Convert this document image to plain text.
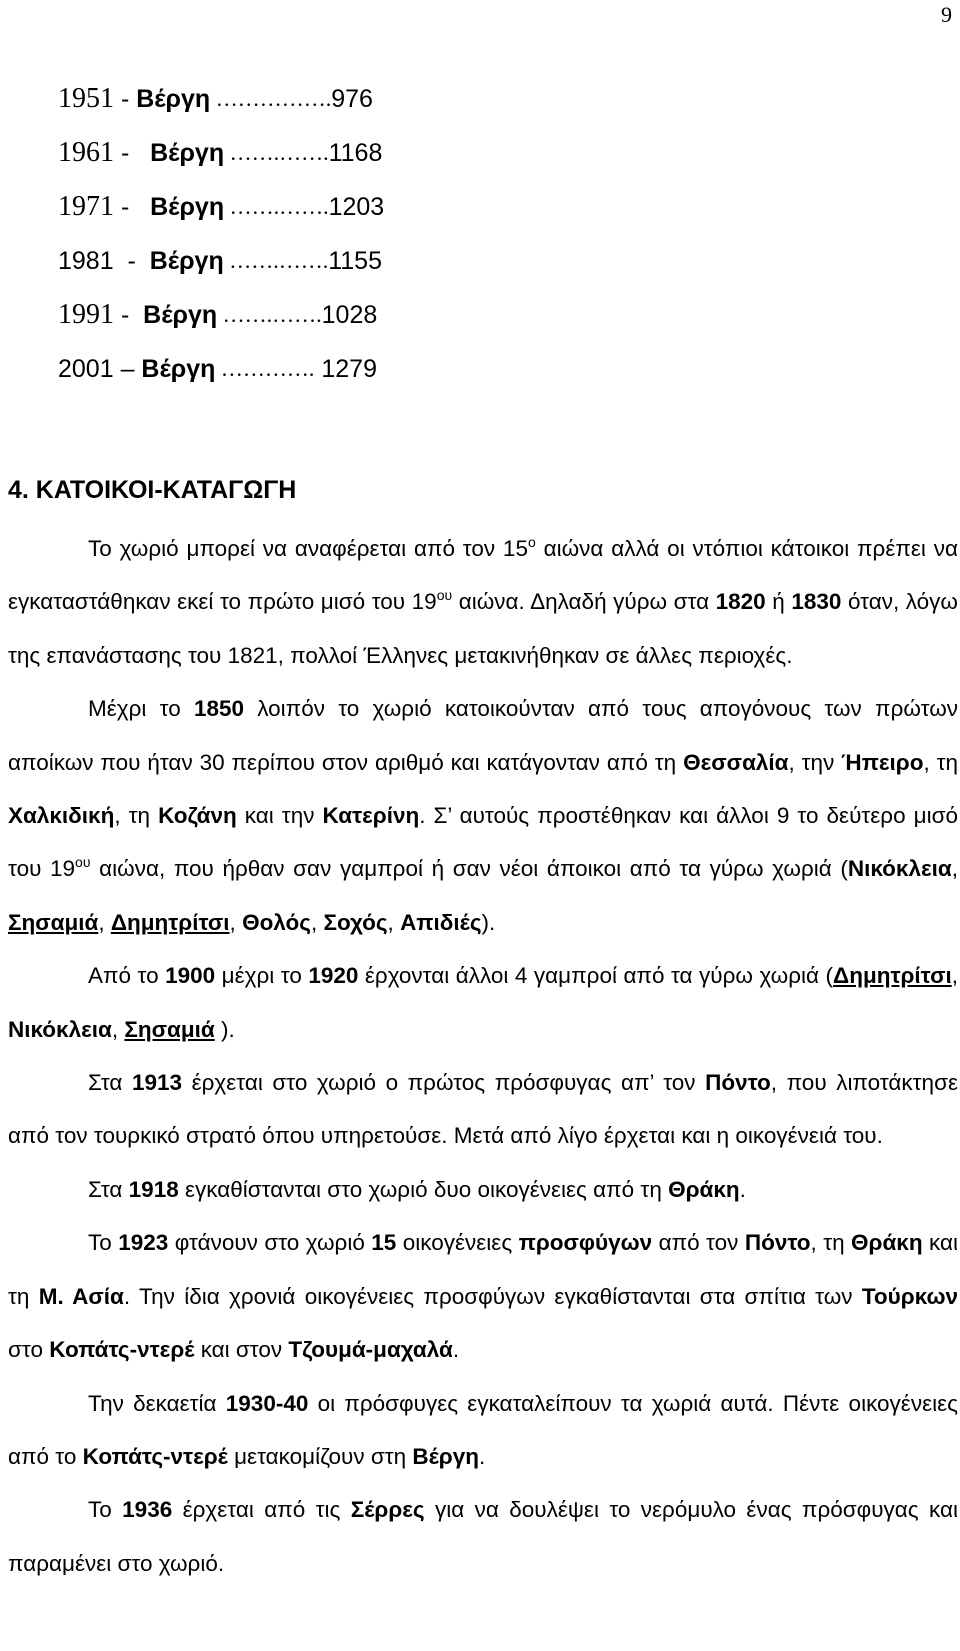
9
1951 - Βέργη ……………. 976
1961 - Βέργη …….……. 1168
1971 - Βέργη …….……. 1203
1981 - Βέργη …….……. 1155
1991 - Βέργη …….……. 1028
2001 – Βέργη …………. 1279
4. ΚΑΤΟΙΚΟΙ-ΚΑΤΑΓΩΓΗ

Το χωριό μπορεί να αναφέρεται από τον $15^o$ αιώνα αλλά οι ντόπιοι κάτοικοι πρέπει να εγκαταστάθηκαν εκεί το πρώτο μισό του $19^{o\upsilon}$ αιώνα. Δηλαδή γύρω στα 1820 ή 1830 όταν, λόγω της επανάστασης του 1821, πολλοί Έλληνες μετακινήθηκαν σε άλλες περιοχές.

Μέχρι το 1850 λοιπόν το χωριό κατοικούνταν από τους απογόνους των πρώτων αποίκων που ήταν 30 περίπου στον αριθμό και κατάγονταν από τη Θεσσαλία, την Ήπειρο, τη Χαλκιδική, τη Κοζάνη και την Κατερίνη. Σ’ αυτούς προστέθηκαν και άλλοι 9 το δεύτερο μισό του $19^{o\upsilon}$ αιώνα, που ήρθαν σαν γαμπροί ή σαν νέοι άποικοι από τα γύρω χωριά (Νικόκλεια, Σησαμιά, Δημητρίτσι, Θολός, Σοχός, Απιδιές).

Από το 1900 μέχρι το 1920 έρχονται άλλοι 4 γαμπροί από τα γύρω χωριά (Δημητρίτσι, Νικόκλεια, Σησαμιά ).

Στα 1913 έρχεται στο χωριό ο πρώτος πρόσφυγας απ’ τον Πόντο, που λιποτάκτησε από τον τουρκικό στρατό όπου υπηρετούσε. Μετά από λίγο έρχεται και η οικογένειά του.

Στα 1918 εγκαθίστανται στο χωριό δυο οικογένειες από τη Θράκη.

Το 1923 φτάνουν στο χωριό 15 οικογένειες προσφύγων από τον Πόντο, τη Θράκη και τη Μ. Ασία. Την ίδια χρονιά οικογένειες προσφύγων εγκαθίστανται στα σπίτια των Τούρκων στο Κοπάτς-ντερέ και στον Τζουμά-μαχαλά.

Την δεκαετία 1930-40 οι πρόσφυγες εγκαταλείπουν τα χωριά αυτά. Πέντε οικογένειες από το Κοπάτς-ντερέ μετακομίζουν στη Βέργη.

Το 1936 έρχεται από τις Σέρρες για να δουλέψει το νερόμυλο ένας πρόσφυγας και παραμένει στο χωριό.
